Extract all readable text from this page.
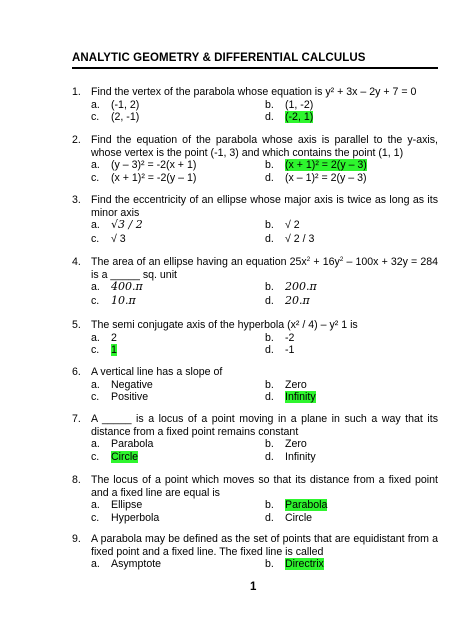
ANALYTIC GEOMETRY & DIFFERENTIAL CALCULUS
1. Find the vertex of the parabola whose equation is y² + 3x – 2y + 7 = 0
a. (-1, 2)	b. (1, -2)
c. (2, -1)	d. (-2, 1)
2. Find the equation of the parabola whose axis is parallel to the y-axis, whose vertex is the point (-1, 3) and which contains the point (1, 1)
a. (y – 3)² = -2(x + 1)	b. (x + 1)² = 2(y – 3)
c. (x + 1)² = -2(y – 1)	d. (x – 1)² = 2(y – 3)
3. Find the eccentricity of an ellipse whose major axis is twice as long as its minor axis
a. √3 / 2	b. √ 2
c. √ 3	d. √ 2 / 3
4. The area of an ellipse having an equation $25x^2 + 16y^2 - 100x + 32y = 284$ is a _____ sq. unit
a. 400.π	b. 200.π
c. 10.π	d. 20.π
5. The semi conjugate axis of the hyperbola (x² / 4) – y² 1 is
a. 2	b. -2
c. 1	d. -1
6. A vertical line has a slope of
a. Negative	b. Zero
c. Positive	d. Infinity
7. A _____ is a locus of a point moving in a plane in such a way that its distance from a fixed point remains constant
a. Parabola	b. Zero
c. Circle	d. Infinity
8. The locus of a point which moves so that its distance from a fixed point and a fixed line are equal is
a. Ellipse	b. Parabola
c. Hyperbola	d. Circle
9. A parabola may be defined as the set of points that are equidistant from a fixed point and a fixed line. The fixed line is called
a. Asymptote	b. Directrix
1
